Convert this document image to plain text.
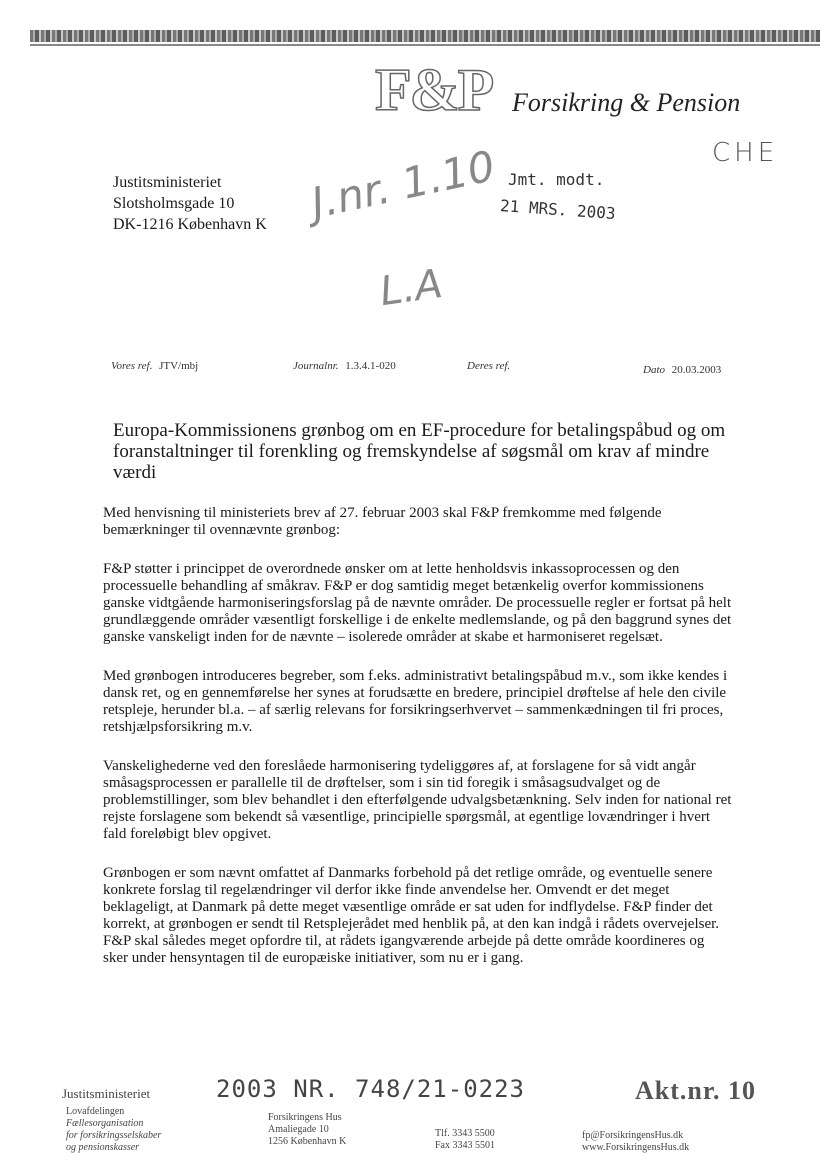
F&P Forsikring & Pension
CHE
J.nr. 1.10 Jmt. modt.
21 MRS. 2003
L.A
Justitsministeriet
Slotsholmsgade 10
DK-1216 København K
Vores ref. JTV/mbj	Journalnr. 1.3.4.1-020	Deres ref.	Dato 20.03.2003
Europa-Kommissionens grønbog om en EF-procedure for betalingspåbud og om foranstaltninger til forenkling og fremskyndelse af søgsmål om krav af mindre værdi

Med henvisning til ministeriets brev af 27. februar 2003 skal F&P fremkomme med følgende bemærkninger til ovennævnte grønbog:

F&P støtter i princippet de overordnede ønsker om at lette henholdsvis inkassoprocessen og den processuelle behandling af småkrav. F&P er dog samtidig meget betænkelig overfor kommissionens ganske vidtgående harmoniseringsforslag på de nævnte områder. De processuelle regler er fortsat på helt grundlæggende områder væsentligt forskellige i de enkelte medlemslande, og på den baggrund synes det ganske vanskeligt inden for de nævnte – isolerede områder at skabe et harmoniseret regelsæt.

Med grønbogen introduceres begreber, som f.eks. administrativt betalingspåbud m.v., som ikke kendes i dansk ret, og en gennemførelse her synes at forudsætte en bredere, principiel drøftelse af hele den civile retspleje, herunder bl.a. – af særlig relevans for forsikringserhvervet – sammenkædningen til fri proces, retshjælpsforsikring m.v.

Vanskelighederne ved den foreslåede harmonisering tydeliggøres af, at forslagene for så vidt angår småsagsprocessen er parallelle til de drøftelser, som i sin tid foregik i småsagsudvalget og de problemstillinger, som blev behandlet i den efterfølgende udvalgsbetænkning. Selv inden for national ret rejste forslagene som bekendt så væsentlige, principielle spørgsmål, at egentlige lovændringer i hvert fald foreløbigt blev opgivet.

Grønbogen er som nævnt omfattet af Danmarks forbehold på det retlige område, og eventuelle senere konkrete forslag til regelændringer vil derfor ikke finde anvendelse her. Omvendt er det meget beklageligt, at Danmark på dette meget væsentlige område er sat uden for indflydelse. F&P finder det korrekt, at grønbogen er sendt til Retsplejerådet med henblik på, at den kan indgå i rådets overvejelser. F&P skal således meget opfordre til, at rådets igangværende arbejde på dette område koordineres og sker under hensyntagen til de europæiske initiativer, som nu er i gang.

Justitsministeriet	2003 NR. 748/21-0223	Akt.nr. 10
Lovafdelingen
Fællesorganisation
for forsikringsselskaber
og pensionskasser
Forsikringens Hus
Amaliegade 10
1256 København K
Tlf. 3343 5500
Fax 3343 5501
fp@ForsikringensHus.dk
www.ForsikringensHus.dk
